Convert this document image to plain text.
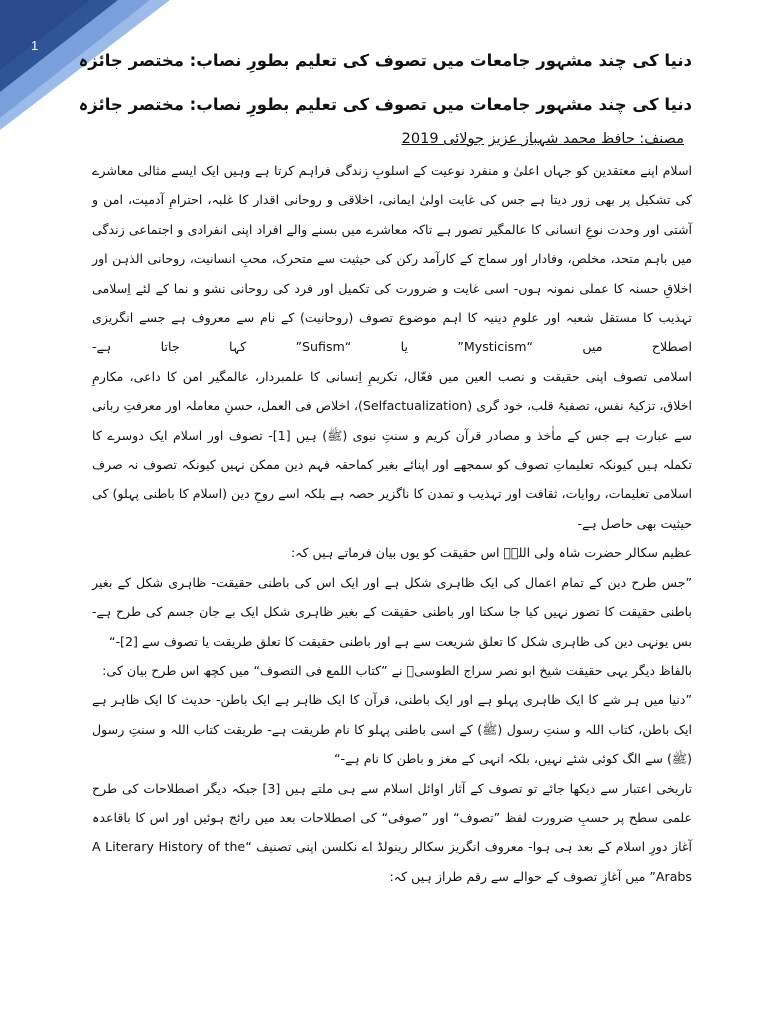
1
دنیا کی چند مشہور جامعات میں تصوف کی تعلیم بطورِ نصاب: مختصر جائزہ
دنیا کی چند مشہور جامعات میں تصوف کی تعلیم بطورِ نصاب: مختصر جائزہ
مصنف: حافظ محمد شہباز عزیز جولائی 2019

اسلام اپنے معتقدین کو جہاں اعلیٰ و منفرد نوعیت کے اسلوبِ زندگی فراہم کرتا ہے وہیں ایک ایسے مثالی معاشرے کی تشکیل پر بھی زور دیتا ہے جس کی غایت اولیٰ ایمانی، اخلاقی و روحانی اقدار کا غلبہ، احترامِ آدمیت، امن و آشتی اور وحدت نوعِ انسانی کا عالمگیر تصور ہے تاکہ معاشرے میں بسنے والے افراد اپنی انفرادی و اجتماعی زندگی میں باہم متحد، مخلص، وفادار اور سماج کے کارآمد رکن کی حیثیت سے متحرک، محبِ انسانیت، روحانی الذہن اور اخلاقِ حسنہ کا عملی نمونہ ہوں- اسی غایت و ضرورت کی تکمیل اور فرد کی روحانی نشو و نما کے لئے اِسلامی تہذیب کا مستقل شعبہ اور علومِ دینیہ کا اہم موضوع تصوف (روحانیت) کے نام سے معروف ہے جسے انگریزی اصطلاح میں “Mysticism” یا “Sufism” کہا جاتا ہے-

اسلامی تصوف اپنی حقیقت و نصب العین میں فعّال، تکریمِ اِنسانی کا علمبردار، عالمگیر امن کا داعی، مکارمِ اخلاق، تزکیۂ نفس، تصفیۂ قلب، خود گری (Selfactualization)، اخلاص فی العمل، حسنِ معاملہ اور معرفتِ ربانی سے عبارت ہے جس کے ماٰخذ و مصادر قرآن کریم و سنتِ نبوی (ﷺ) ہیں [1]- تصوف اور اسلام ایک دوسرے کا تکملہ ہیں کیونکہ تعلیماتِ تصوف کو سمجھے اور اپنائے بغیر کماحقہ فہم دین ممکن نہیں کیونکہ تصوف نہ صرف اسلامی تعلیمات، روایات، ثقافت اور تہذیب و تمدن کا ناگزیر حصہ ہے بلکہ اسے روحِ دین (اسلام کا باطنی پہلو) کی حیثیت بھی حاصل ہے-

عظیم سکالر حضرت شاہ ولی اللہؒ اس حقیقت کو یوں بیان فرماتے ہیں کہ:

”جس طرح دین کے تمام اعمال کی ایک ظاہری شکل ہے اور ایک اس کی باطنی حقیقت- ظاہری شکل کے بغیر باطنی حقیقت کا تصور نہیں کیا جا سکتا اور باطنی حقیقت کے بغیر ظاہری شکل ایک بے جان جسم کی طرح ہے- بس یونہی دین کی ظاہری شکل کا تعلق شریعت سے ہے اور باطنی حقیقت کا تعلق طریقت یا تصوف سے [2]-“

بالفاظ دیگر یہی حقیقت شیخ ابو نصر سراج الطوسیؒ نے ”کتاب اللمع فی التصوف“ میں کچھ اس طرح بیان کی:

”دنیا میں ہر شے کا ایک ظاہری پہلو ہے اور ایک باطنی، قرآن کا ایک ظاہر ہے ایک باطن- حدیث کا ایک ظاہر ہے ایک باطن، کتاب اللہ و سنتِ رسول (ﷺ) کے اسی باطنی پہلو کا نام طریقت ہے- طریقت کتاب اللہ و سنتِ رسول (ﷺ) سے الگ کوئی شئے نہیں، بلکہ انہی کے مغز و باطن کا نام ہے-“

تاریخی اعتبار سے دیکھا جائے تو تصوف کے آثار اوائل اسلام سے ہی ملتے ہیں [3] جبکہ دیگر اصطلاحات کی طرح علمی سطح پر حسبِ ضرورت لفظ ”تصوف“ اور ”صوفی“ کی اصطلاحات بعد میں رائج ہوئیں اور اس کا باقاعدہ آغاز دورِ اسلام کے بعد ہی ہوا- معروف انگریز سکالر رینولڈ اے نکلسن اپنی تصنیف “A Literary History of the Arabs” میں آغازِ تصوف کے حوالے سے رقم طراز ہیں کہ:
